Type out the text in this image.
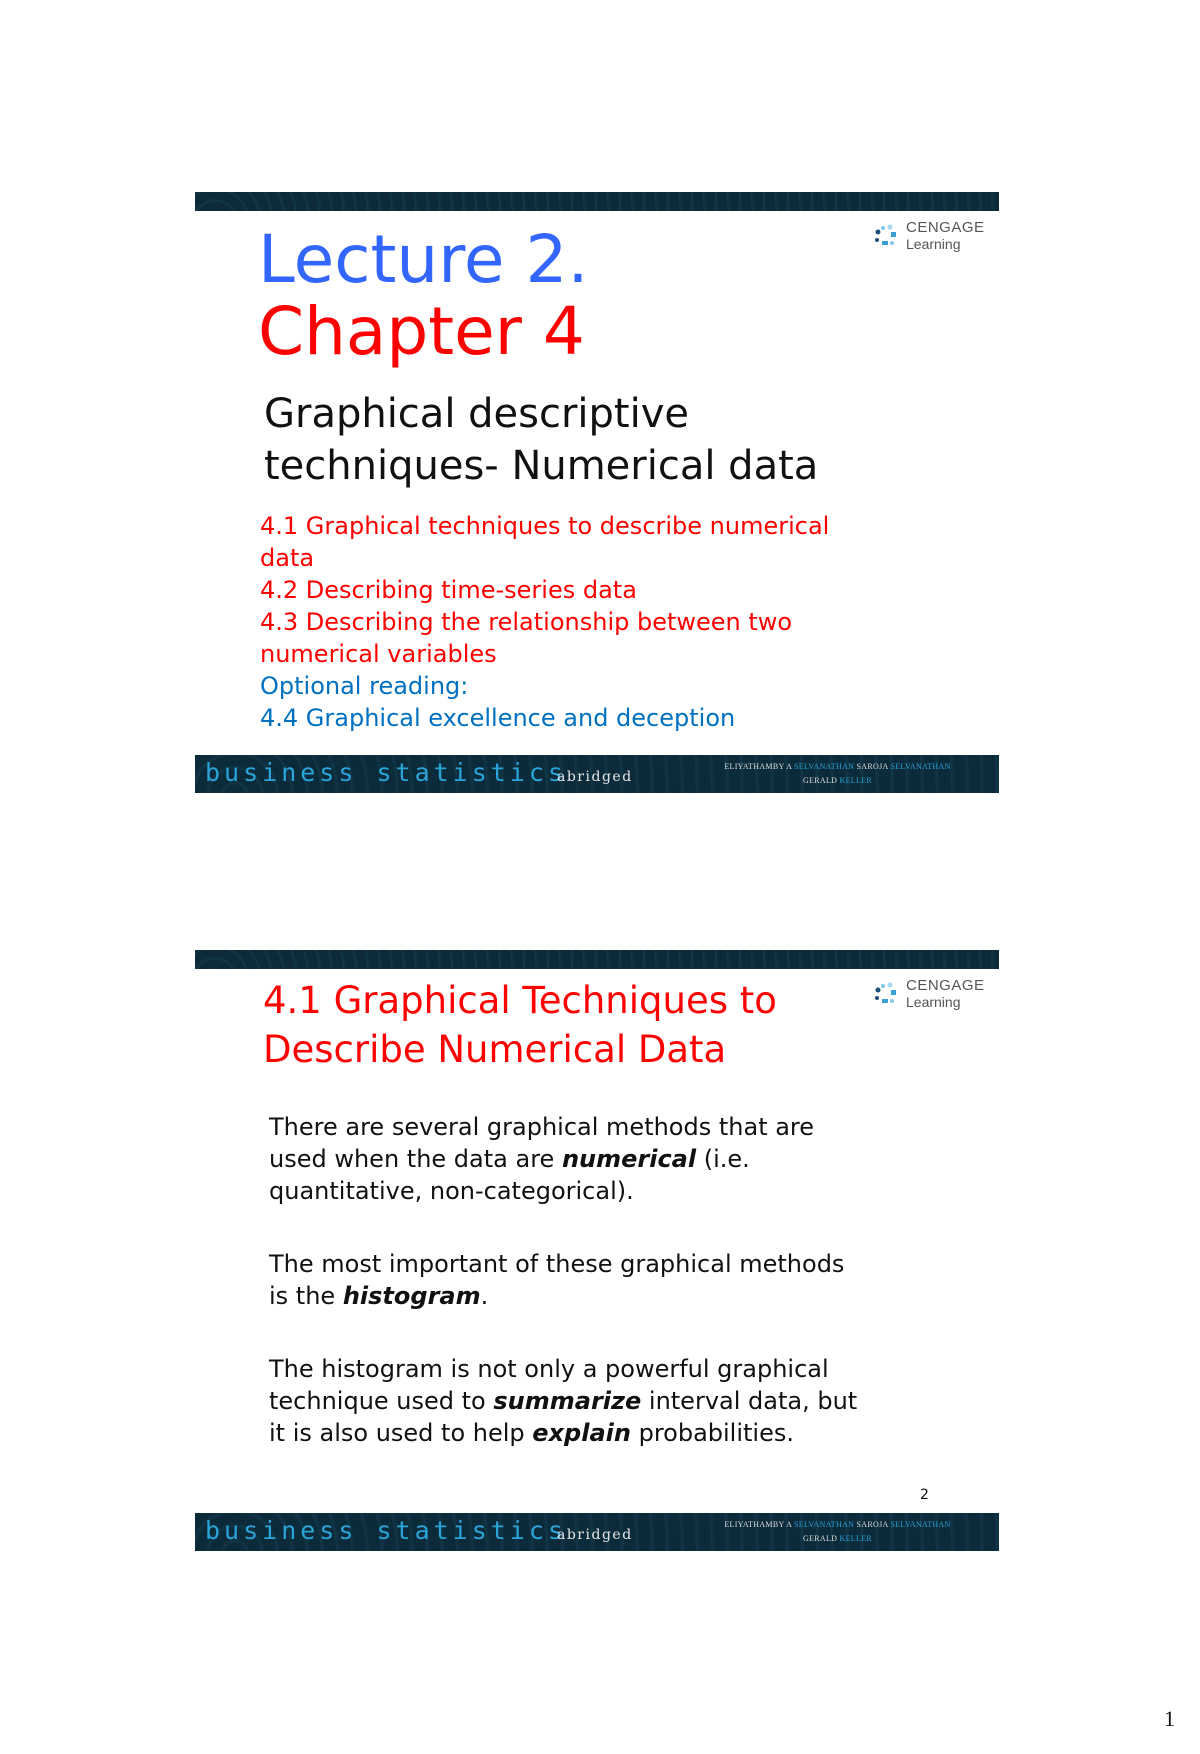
CENGAGE
Learning
Lecture 2.
Chapter 4
Graphical descriptive
techniques- Numerical data
4.1 Graphical techniques to describe numerical
data
4.2 Describing time-series data
4.3 Describing the relationship between two
numerical variables
Optional reading:
4.4 Graphical excellence and deception
business statistics
abridged
ELIYATHAMBY A SELVANATHAN SAROJA SELVANATHAN
GERALD KELLER
CENGAGE
Learning
4.1 Graphical Techniques to
Describe Numerical Data

There are several graphical methods that are
used when the data are numerical (i.e.
quantitative, non-categorical).

The most important of these graphical methods
is the histogram.

The histogram is not only a powerful graphical
technique used to summarize interval data, but
it is also used to help explain probabilities.

2
business statistics
abridged
ELIYATHAMBY A SELVANATHAN SAROJA SELVANATHAN
GERALD KELLER
1
